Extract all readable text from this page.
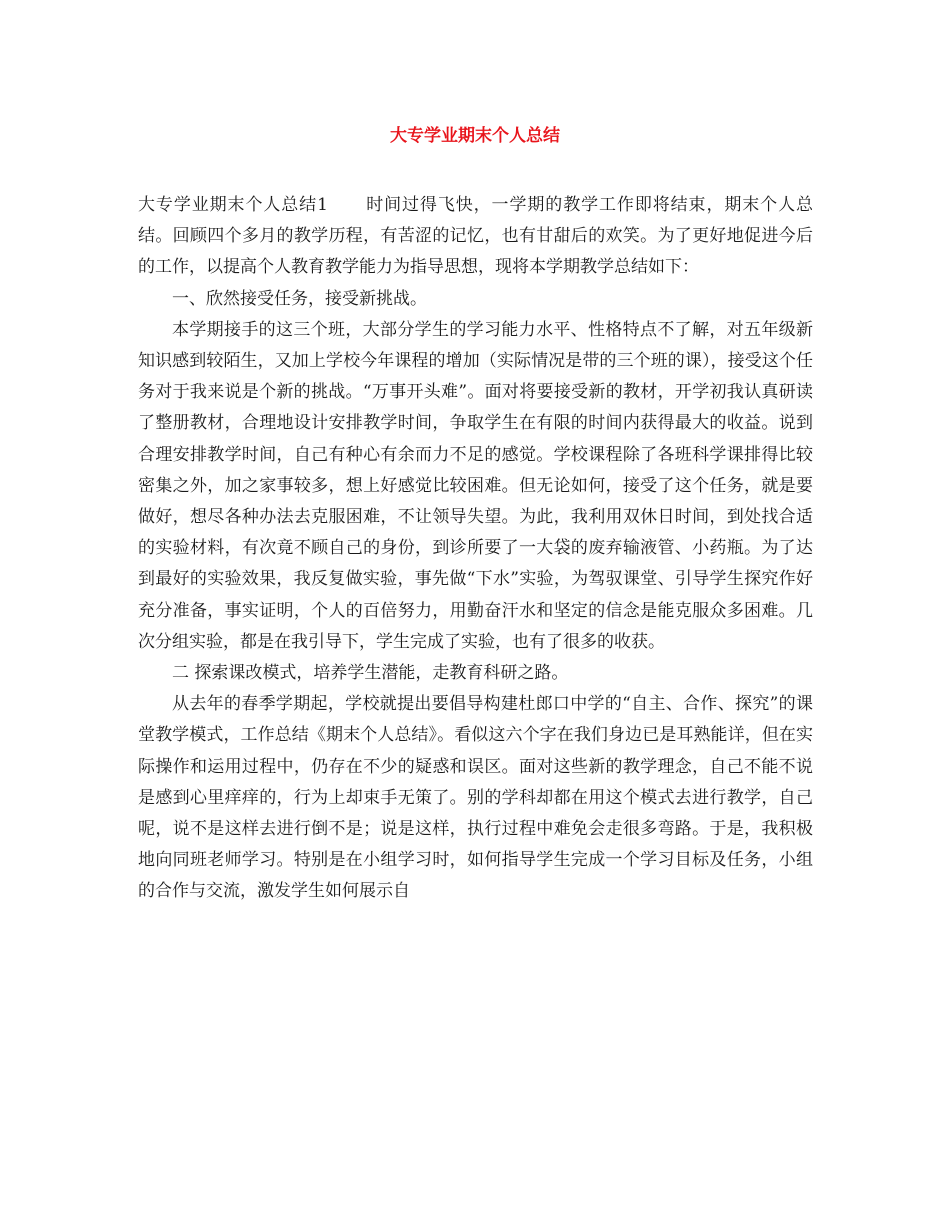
大专学业期末个人总结

大专学业期末个人总结1 时间过得飞快，一学期的教学工作即将结束，期末个人总结。回顾四个多月的教学历程，有苦涩的记忆，也有甘甜后的欢笑。为了更好地促进今后的工作，以提高个人教育教学能力为指导思想，现将本学期教学总结如下：

一、欣然接受任务，接受新挑战。

本学期接手的这三个班，大部分学生的学习能力水平、性格特点不了解，对五年级新知识感到较陌生，又加上学校今年课程的增加（实际情况是带的三个班的课），接受这个任务对于我来说是个新的挑战。“万事开头难”。面对将要接受新的教材，开学初我认真研读了整册教材，合理地设计安排教学时间，争取学生在有限的时间内获得最大的收益。说到合理安排教学时间，自己有种心有余而力不足的感觉。学校课程除了各班科学课排得比较密集之外，加之家事较多，想上好感觉比较困难。但无论如何，接受了这个任务，就是要做好，想尽各种办法去克服困难，不让领导失望。为此，我利用双休日时间，到处找合适的实验材料，有次竟不顾自己的身份，到诊所要了一大袋的废弃输液管、小药瓶。为了达到最好的实验效果，我反复做实验，事先做“下水”实验，为驾驭课堂、引导学生探究作好充分准备，事实证明，个人的百倍努力，用勤奋汗水和坚定的信念是能克服众多困难。几次分组实验，都是在我引导下，学生完成了实验，也有了很多的收获。

二 探索课改模式，培养学生潜能，走教育科研之路。

从去年的春季学期起，学校就提出要倡导构建杜郎口中学的“自主、合作、探究”的课堂教学模式，工作总结《期末个人总结》。看似这六个字在我们身边已是耳熟能详，但在实际操作和运用过程中，仍存在不少的疑惑和误区。面对这些新的教学理念，自己不能不说是感到心里痒痒的，行为上却束手无策了。别的学科却都在用这个模式去进行教学，自己呢，说不是这样去进行倒不是；说是这样，执行过程中难免会走很多弯路。于是，我积极地向同班老师学习。特别是在小组学习时，如何指导学生完成一个学习目标及任务，小组的合作与交流，激发学生如何展示自
